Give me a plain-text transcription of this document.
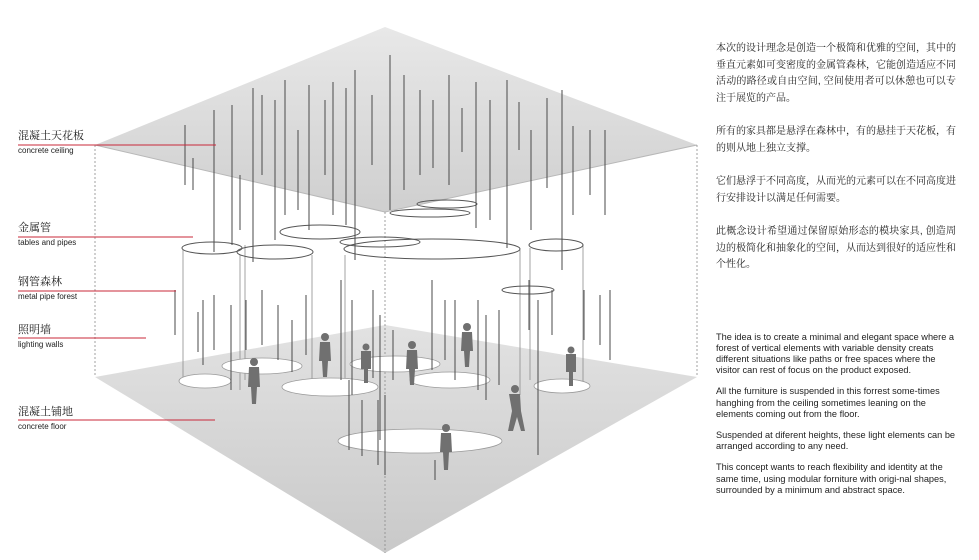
混凝土天花板
concrete ceiling
金属管
tables and pipes
钢管森林
metal pipe forest
照明墙
lighting walls
混凝土铺地
concrete floor

本次的设计理念是创造一个极简和优雅的空间，其中的垂直元素如可变密度的金属管森林，它能创造适应不同活动的路径或自由空间, 空间使用者可以休憩也可以专注于展览的产品。

所有的家具都是悬浮在森林中，有的悬挂于天花板，有的则从地上独立支撑。

它们悬浮于不同高度，从而光的元素可以在不同高度进行安排设计以满足任何需要。

此概念设计希望通过保留原始形态的模块家具, 创造周边的极简化和抽象化的空间，从而达到很好的适应性和个性化。

The idea is to create a minimal and elegant space where a forest of vertical elements with variable density creats different situations like paths or free spaces where the visitor can rest of focus on the product exposed.

All the furniture is suspended in this forrest some-times hanghing from the ceiling sometimes leaning on the elements coming out from the floor.

Suspended at diferent heights, these light elements can be arranged according to any need.

This concept wants to reach flexibility and identity at the same time, using modular forniture with origi-nal shapes, surrounded by a minimum and abstract space.
